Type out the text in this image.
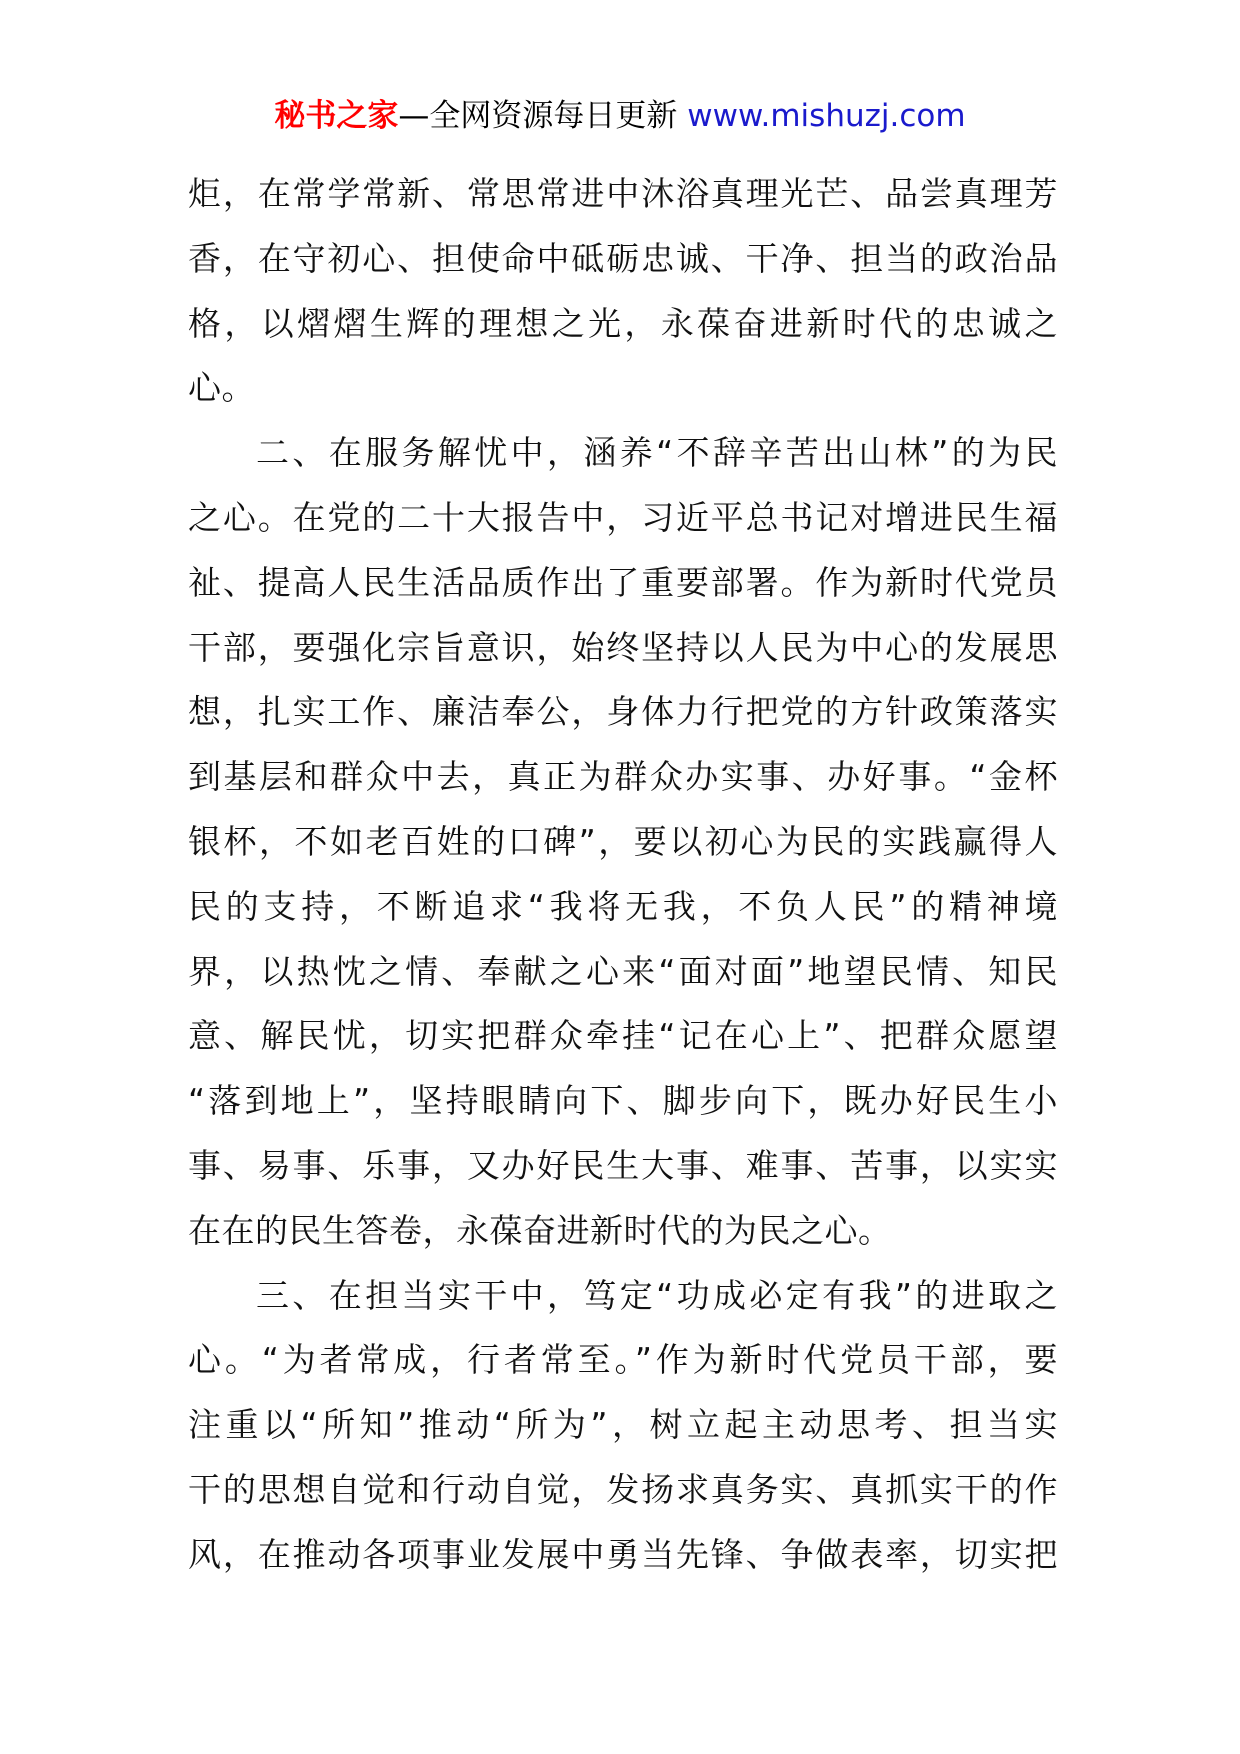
秘书之家—全网资源每日更新 www.mishuzj.com
炬，在常学常新、常思常进中沐浴真理光芒、品尝真理芳
香，在守初心、担使命中砥砺忠诚、干净、担当的政治品
格，以熠熠生辉的理想之光，永葆奋进新时代的忠诚之
心。
二、在服务解忧中，涵养“不辞辛苦出山林”的为民
之心。在党的二十大报告中，习近平总书记对增进民生福
祉、提高人民生活品质作出了重要部署。作为新时代党员
干部，要强化宗旨意识，始终坚持以人民为中心的发展思
想，扎实工作、廉洁奉公，身体力行把党的方针政策落实
到基层和群众中去，真正为群众办实事、办好事。“金杯
银杯，不如老百姓的口碑”，要以初心为民的实践赢得人
民的支持，不断追求“我将无我，不负人民”的精神境
界，以热忱之情、奉献之心来“面对面”地望民情、知民
意、解民忧，切实把群众牵挂“记在心上”、把群众愿望
“落到地上”，坚持眼睛向下、脚步向下，既办好民生小
事、易事、乐事，又办好民生大事、难事、苦事，以实实
在在的民生答卷，永葆奋进新时代的为民之心。
三、在担当实干中，笃定“功成必定有我”的进取之
心。“为者常成，行者常至。”作为新时代党员干部，要
注重以“所知”推动“所为”，树立起主动思考、担当实
干的思想自觉和行动自觉，发扬求真务实、真抓实干的作
风，在推动各项事业发展中勇当先锋、争做表率，切实把
